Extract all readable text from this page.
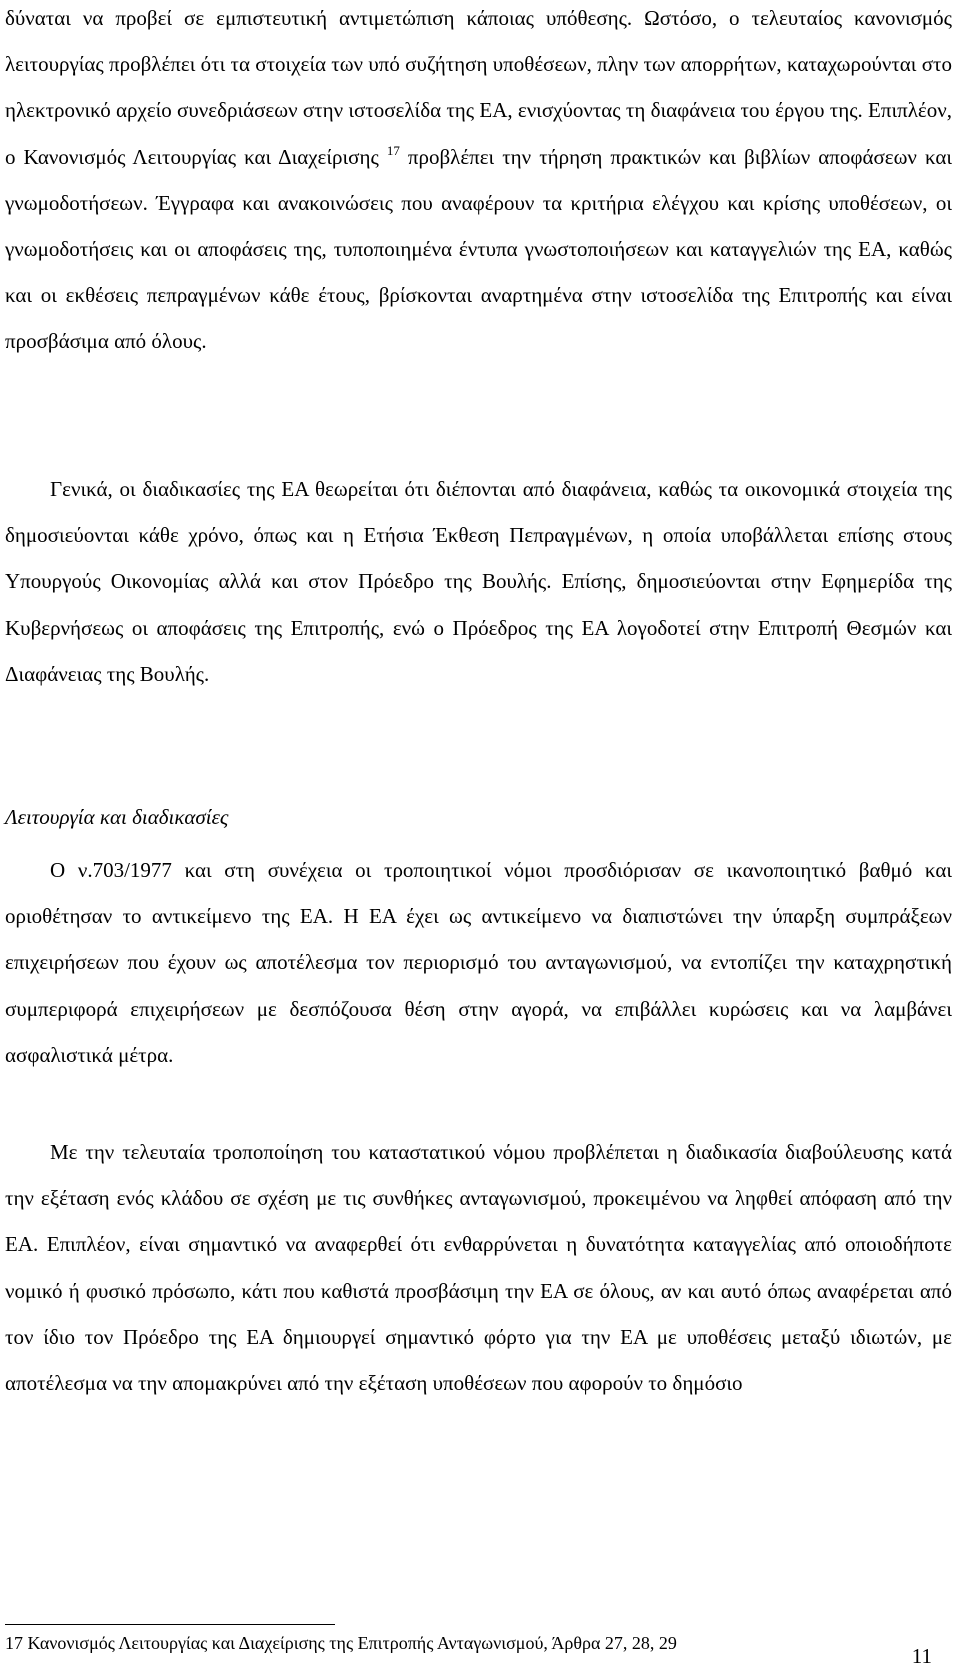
δύναται να προβεί σε εμπιστευτική αντιμετώπιση κάποιας υπόθεσης. Ωστόσο, ο τελευταίος κανονισμός λειτουργίας προβλέπει ότι τα στοιχεία των υπό συζήτηση υποθέσεων, πλην των απορρήτων, καταχωρούνται στο ηλεκτρονικό αρχείο συνεδριάσεων στην ιστοσελίδα της ΕΑ, ενισχύοντας τη διαφάνεια του έργου της. Επιπλέον, ο Κανονισμός Λειτουργίας και Διαχείρισης $^{17}$ προβλέπει την τήρηση πρακτικών και βιβλίων αποφάσεων και γνωμοδοτήσεων. Έγγραφα και ανακοινώσεις που αναφέρουν τα κριτήρια ελέγχου και κρίσης υποθέσεων, οι γνωμοδοτήσεις και οι αποφάσεις της, τυποποιημένα έντυπα γνωστοποιήσεων και καταγγελιών της ΕΑ, καθώς και οι εκθέσεις πεπραγμένων κάθε έτους, βρίσκονται αναρτημένα στην ιστοσελίδα της Επιτροπής και είναι προσβάσιμα από όλους.

Γενικά, οι διαδικασίες της ΕΑ θεωρείται ότι διέπονται από διαφάνεια, καθώς τα οικονομικά στοιχεία της δημοσιεύονται κάθε χρόνο, όπως και η Ετήσια Έκθεση Πεπραγμένων, η οποία υποβάλλεται επίσης στους Υπουργούς Οικονομίας αλλά και στον Πρόεδρο της Βουλής. Επίσης, δημοσιεύονται στην Εφημερίδα της Κυβερνήσεως οι αποφάσεις της Επιτροπής, ενώ ο Πρόεδρος της ΕΑ λογοδοτεί στην Επιτροπή Θεσμών και Διαφάνειας της Βουλής.

Λειτουργία και διαδικασίες

Ο ν.703/1977 και στη συνέχεια οι τροποιητικοί νόμοι προσδιόρισαν σε ικανοποιητικό βαθμό και οριοθέτησαν το αντικείμενο της ΕΑ. Η ΕΑ έχει ως αντικείμενο να διαπιστώνει την ύπαρξη συμπράξεων επιχειρήσεων που έχουν ως αποτέλεσμα τον περιορισμό του ανταγωνισμού, να εντοπίζει την καταχρηστική συμπεριφορά επιχειρήσεων με δεσπόζουσα θέση στην αγορά, να επιβάλλει κυρώσεις και να λαμβάνει ασφαλιστικά μέτρα.

Με την τελευταία τροποποίηση του καταστατικού νόμου προβλέπεται η διαδικασία διαβούλευσης κατά την εξέταση ενός κλάδου σε σχέση με τις συνθήκες ανταγωνισμού, προκειμένου να ληφθεί απόφαση από την ΕΑ. Επιπλέον, είναι σημαντικό να αναφερθεί ότι ενθαρρύνεται η δυνατότητα καταγγελίας από οποιοδήποτε νομικό ή φυσικό πρόσωπο, κάτι που καθιστά προσβάσιμη την ΕΑ σε όλους, αν και αυτό όπως αναφέρεται από τον ίδιο τον Πρόεδρο της ΕΑ δημιουργεί σημαντικό φόρτο για την ΕΑ με υποθέσεις μεταξύ ιδιωτών, με αποτέλεσμα να την απομακρύνει από την εξέταση υποθέσεων που αφορούν το δημόσιο

17 Κανονισμός Λειτουργίας και Διαχείρισης της Επιτροπής Ανταγωνισμού, Άρθρα 27, 28, 29

11
